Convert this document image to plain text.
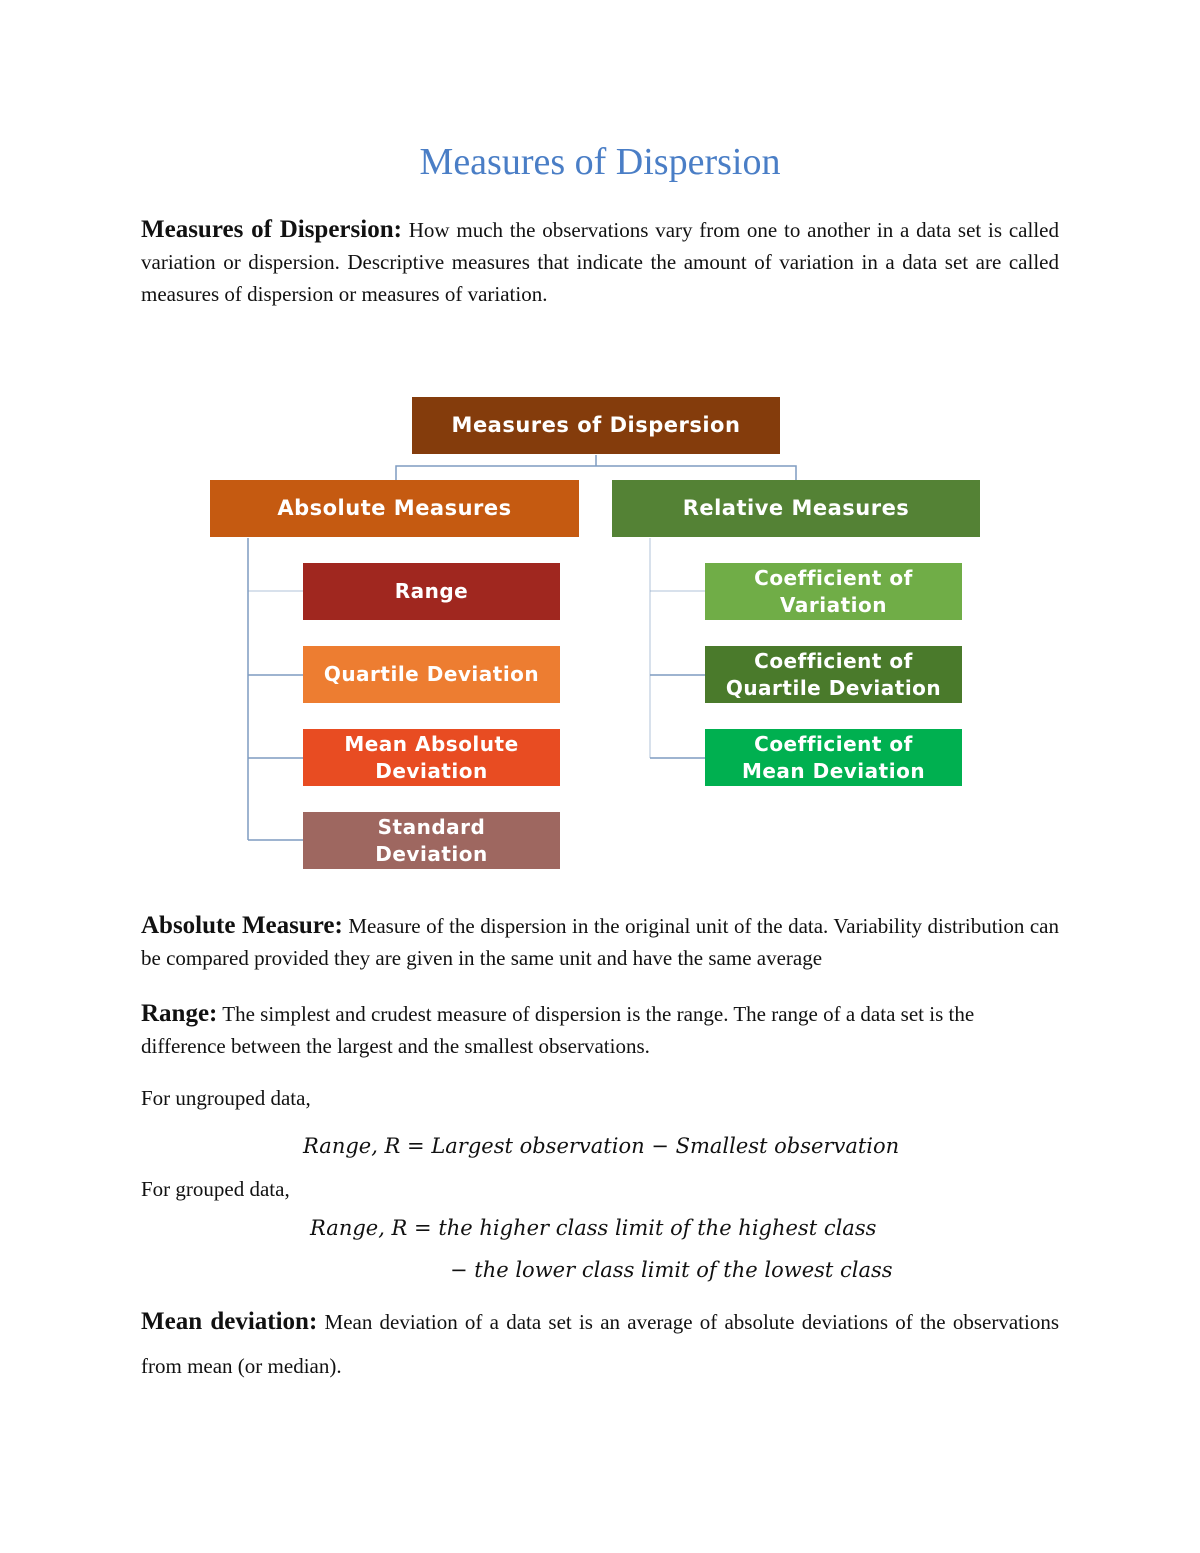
Measures of Dispersion
Measures of Dispersion: How much the observations vary from one to another in a data set is called variation or dispersion. Descriptive measures that indicate the amount of variation in a data set are called measures of dispersion or measures of variation.
Measures of Dispersion
Absolute Measures	Relative Measures
Range
Quartile Deviation
Mean Absolute Deviation
Standard Deviation
Coefficient of Variation
Coefficient of Quartile Deviation
Coefficient of Mean Deviation
Absolute Measure: Measure of the dispersion in the original unit of the data. Variability distribution can be compared provided they are given in the same unit and have the same average
Range: The simplest and crudest measure of dispersion is the range. The range of a data set is the difference between the largest and the smallest observations.
For ungrouped data,
Range, R = Largest observation − Smallest observation
For grouped data,
Range, R = the higher class limit of the highest class
− the lower class limit of the lowest class
Mean deviation: Mean deviation of a data set is an average of absolute deviations of the observations from mean (or median).
